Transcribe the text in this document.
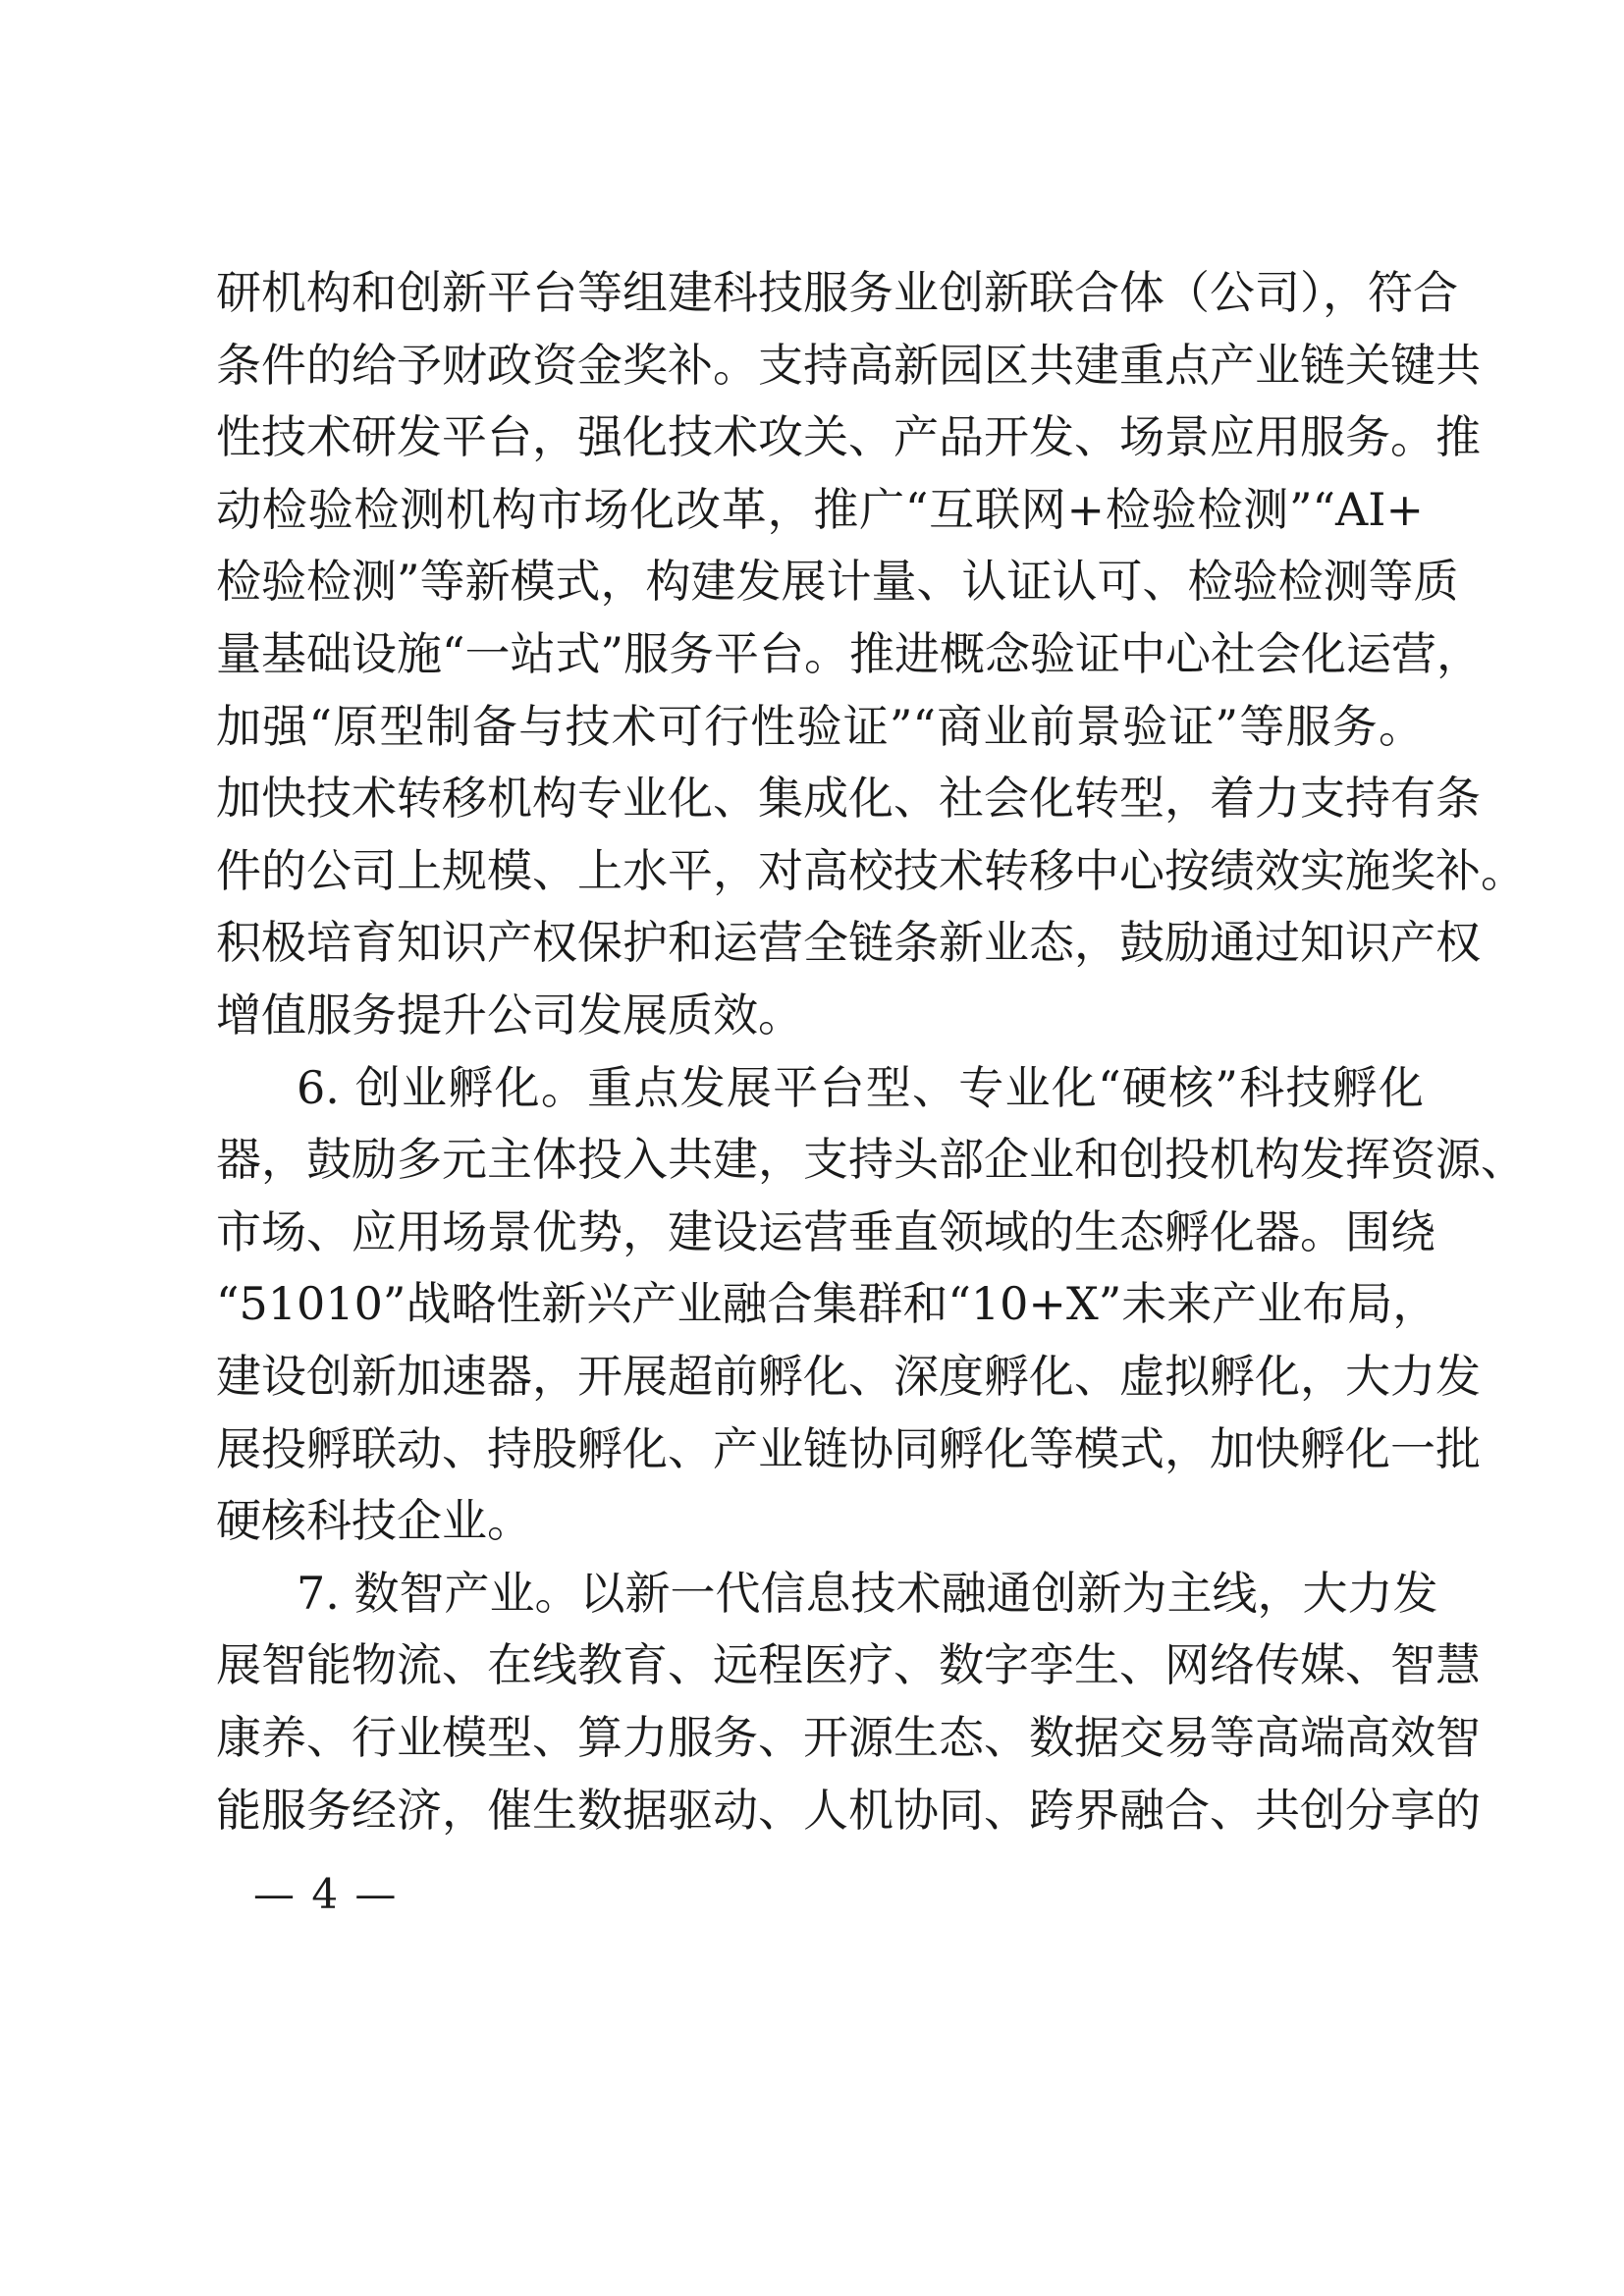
研机构和创新平台等组建科技服务业创新联合体（公司），符合
条件的给予财政资金奖补。支持高新园区共建重点产业链关键共
性技术研发平台，强化技术攻关、产品开发、场景应用服务。推
动检验检测机构市场化改革，推广“互联网+检验检测”“AI+
检验检测”等新模式，构建发展计量、认证认可、检验检测等质
量基础设施“一站式”服务平台。推进概念验证中心社会化运营，
加强“原型制备与技术可行性验证”“商业前景验证”等服务。
加快技术转移机构专业化、集成化、社会化转型，着力支持有条
件的公司上规模、上水平，对高校技术转移中心按绩效实施奖补。
积极培育知识产权保护和运营全链条新业态，鼓励通过知识产权
增值服务提升公司发展质效。
6. 创业孵化。重点发展平台型、专业化“硬核”科技孵化
器，鼓励多元主体投入共建，支持头部企业和创投机构发挥资源、
市场、应用场景优势，建设运营垂直领域的生态孵化器。围绕
“51010”战略性新兴产业融合集群和“10+X”未来产业布局，
建设创新加速器，开展超前孵化、深度孵化、虚拟孵化，大力发
展投孵联动、持股孵化、产业链协同孵化等模式，加快孵化一批
硬核科技企业。
7. 数智产业。以新一代信息技术融通创新为主线，大力发
展智能物流、在线教育、远程医疗、数字孪生、网络传媒、智慧
康养、行业模型、算力服务、开源生态、数据交易等高端高效智
能服务经济，催生数据驱动、人机协同、跨界融合、共创分享的
— 4 —
